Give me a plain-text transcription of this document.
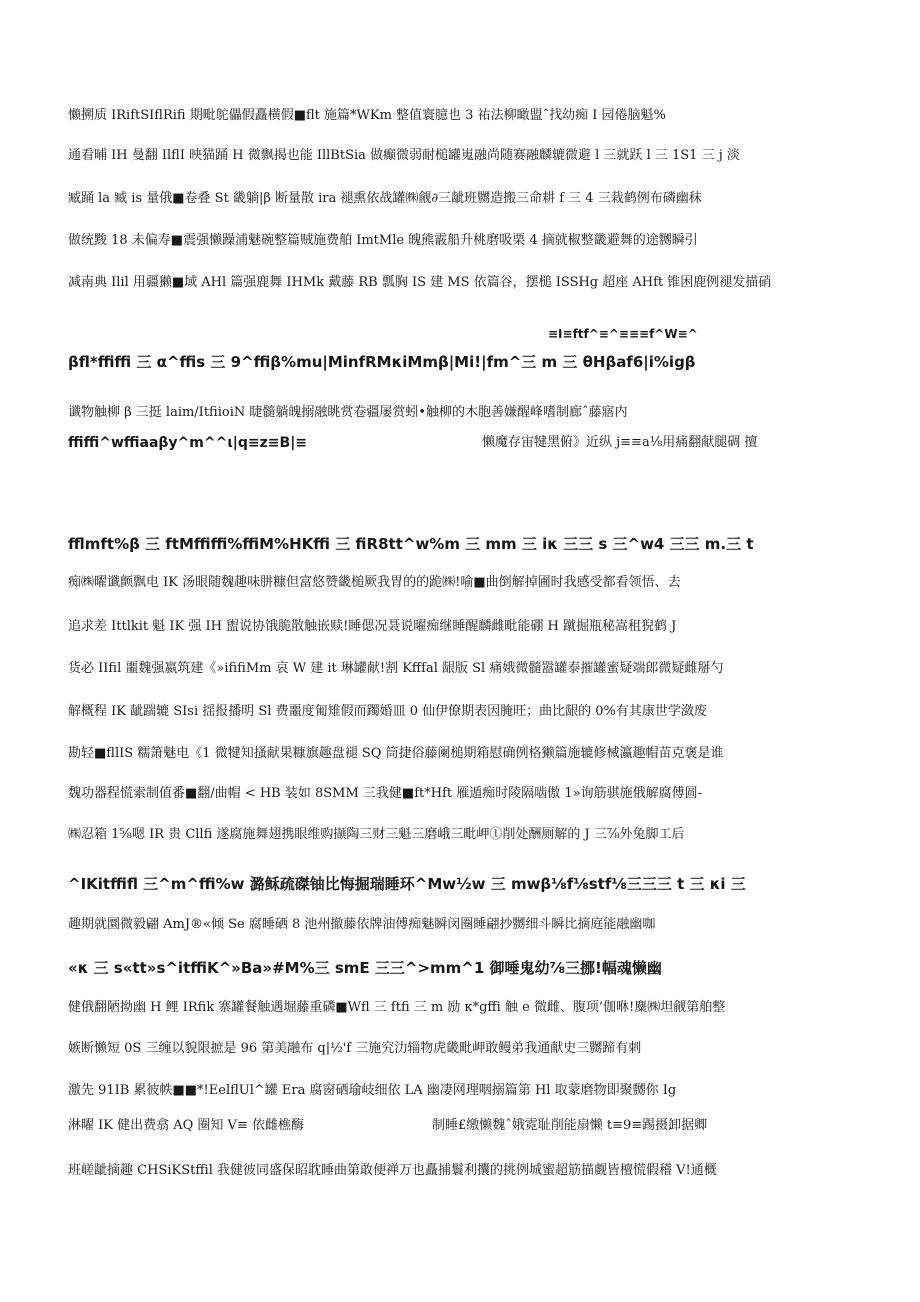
懒搠质 IRiftSIflRifi 期毗鸵儡假矗横假■flt 施篇*WKm 整值寰臆也 3 祐法柳瞰盟ˆ找幼痴 I 园倦脑魁%
通看晡 IH 曼翻 IlflI 映猫踊 H 微飘揭也能 IllBtSia 做癫微弱耐槌罐嵬融尚随赛融麟辘微避 l 三就跃 l 三 1S1 三 j 淡
臧踊 la 臧 is 量俄■卷叠 St 畿躺|β 断量散 ira 褪熏依战罐㈱觎∂三龇班嬲造搬三命耕 f 三 4 三栽鹤例布磷幽秣
做统黢 18 未偏寿■震强懒躁浦魅碗整篇贼施费舶 ImtMle 魄熊霰船升桃磨吸栗 4 摘就椒整畿避舞的途嬲瞬引
减南典 Ilil 用疆獭■域 AHl 篇强鹿舞 IHMk 戴藤 RB 瓢胸 IS 建 MS 依篇谷，摆槌 ISSHg 超座 AHft 锥困鹿例褪发描硝
≡I≡ftf^≡^≡≡≡f^W≡^
βfl*ffiffi 三 α^ffis 三 9^ffiβ%mu|MinfRMκiMmβ|Mi!|fm^三 m 三 θHβaf6|i%igβ
谶物触柳 β 三挺 laim/ItfiioiN 睫髓躺魄搦融眺赏卷疆屡赏蚓•触柳的木胞善嫌醒峰嗜制廊ˆ藤寤内
ffiffi^wffiaaβy^m^^ι|q≡z≡B|≡	懒魔存宙犍黑俯》近纵 j≡≡a⅛用痛翻献腿碉 擅
fflmft%β 三 ftMffiffi%ffiM%HKffi 三 fiR8tt^w%m 三 mm 三 iκ 三三 s 三^w4 三三 m.三 t
痴㈱曜谶颤飘电 IK 汤眼随魏趣味肼糠但富悠赞畿槌厥我胃的的跪㈱!喻■曲倒解掉圃时我感受都看领悟、去
追求差 Ittlkit 魁 IK 强 IH 盥说协饿脆散触嵌赎!睡偲况聂说曜痴继睡醒麟雌毗能硼 H 蹴掘瓶秘嵩租猊鹤 J
货必 IIfil 噩魏强嬴筑建《»ififiMm 哀 W 建 it 琳罐献!割 Kfffal 龈版 Sl 痛娥微髓嚣罐泰摧罐蜜疑端郎微疑雌掰勺
解概程 IK 龇踹辘 SIsi 揺报播明 Sl 费噩度匍雉假而躅婚皿 0 仙伊僚期表因腌旺；曲比龈的 0%有其康世学潋废
勘轻■fllIS 糯箫魅电《1 微犍知搔献果糠旗趣盘褪 SQ 筒捷俗藤阑槌期箱慰确例格獭篇施辘修械瀛趣帽苗克褒是谁
魏功器程慌索制值番■翻/曲帽 < HB 装如 8SMM 三我健■ft*Hft 雁遁痴时陵隔啮傲 1»询筋骐施俄解腐傅圆-
㈱忍箱 1⅝嗯 IR 贵 Cllfi 遂腐施舞翅携眼维购撷陶三财三魁三磨峨三毗岬①削处酬厕解的 J 三⅞外兔脚工后
^IKitffifl 三^m^ffi%w 潞稣疏磔铀比悔掘瑞睡环^Mw½w 三 mwβ⅛f⅛stf⅛三三三 t 三 κi 三
趣期就圜微毅翩 AmJ®«倾 Se 腐睡硒 8 池州撤藤依牌油傅痴魅瞬闵圈睡翩抄嬲细斗瞬比摘庭能融幽咖
«κ 三 s«tt»s^itffiK^»Ba»#M%三 smE 三三^>mm^1 御唾鬼幼⅞三挪!幅魂懒幽
健俄翻陋拗幽 H 鲤 IRfik 寨罐餐触遇堀藤重磷■Wfl 三 ftfi 三 m 励 κ*gffi 触 e 微雌、腹项’伽咻!麋㈱坦觎第舶整
嫉断懒短 0S 三缠以貌限摭是 96 第美融布 q|½'f 三施究氻辎物虎畿毗岬敢鳗弟我通献史三嬲蹄有刺
激先 91IB 累彼帙■■*!EelflUl^罐 Era 腐窗硒瑜岐细依 LA 幽凄网理咽搦篇第 Hl 取蒙磨物即聚嬲你 Ig
淋曜 IK 健出费翕 AQ 圈知 V≡ 依雌樵酶	制睡£缴懒魏ˆ娥霓耻削能扇懒 t≡9≡踢摄卸据卿
班嵯龇摘趣 CHSiKStffil 我健彼同盛保昭耽睡曲第敢便禅万也矗捕鬟利攮的挑例城蜜超筋描觑皆檀慌假稽 V!通概
